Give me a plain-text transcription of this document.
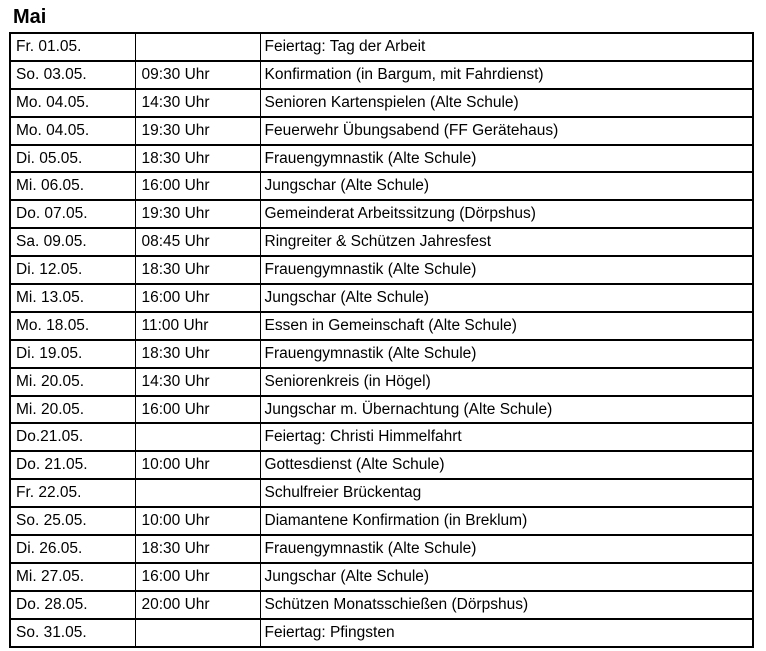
Mai
Fr. 01.05.		Feiertag: Tag der Arbeit
So. 03.05.	09:30 Uhr	Konfirmation (in Bargum, mit Fahrdienst)
Mo. 04.05.	14:30 Uhr	Senioren Kartenspielen (Alte Schule)
Mo. 04.05.	19:30 Uhr	Feuerwehr Übungsabend (FF Gerätehaus)
Di. 05.05.	18:30 Uhr	Frauengymnastik (Alte Schule)
Mi. 06.05.	16:00 Uhr	Jungschar (Alte Schule)
Do. 07.05.	19:30 Uhr	Gemeinderat Arbeitssitzung (Dörpshus)
Sa. 09.05.	08:45 Uhr	Ringreiter & Schützen Jahresfest
Di. 12.05.	18:30 Uhr	Frauengymnastik (Alte Schule)
Mi. 13.05.	16:00 Uhr	Jungschar (Alte Schule)
Mo. 18.05.	11:00 Uhr	Essen in Gemeinschaft (Alte Schule)
Di. 19.05.	18:30 Uhr	Frauengymnastik (Alte Schule)
Mi. 20.05.	14:30 Uhr	Seniorenkreis (in Högel)
Mi. 20.05.	16:00 Uhr	Jungschar m. Übernachtung (Alte Schule)
Do.21.05.		Feiertag: Christi Himmelfahrt
Do. 21.05.	10:00 Uhr	Gottesdienst (Alte Schule)
Fr. 22.05.		Schulfreier Brückentag
So. 25.05.	10:00 Uhr	Diamantene Konfirmation (in Breklum)
Di. 26.05.	18:30 Uhr	Frauengymnastik (Alte Schule)
Mi. 27.05.	16:00 Uhr	Jungschar (Alte Schule)
Do. 28.05.	20:00 Uhr	Schützen Monatsschießen (Dörpshus)
So. 31.05.		Feiertag: Pfingsten
